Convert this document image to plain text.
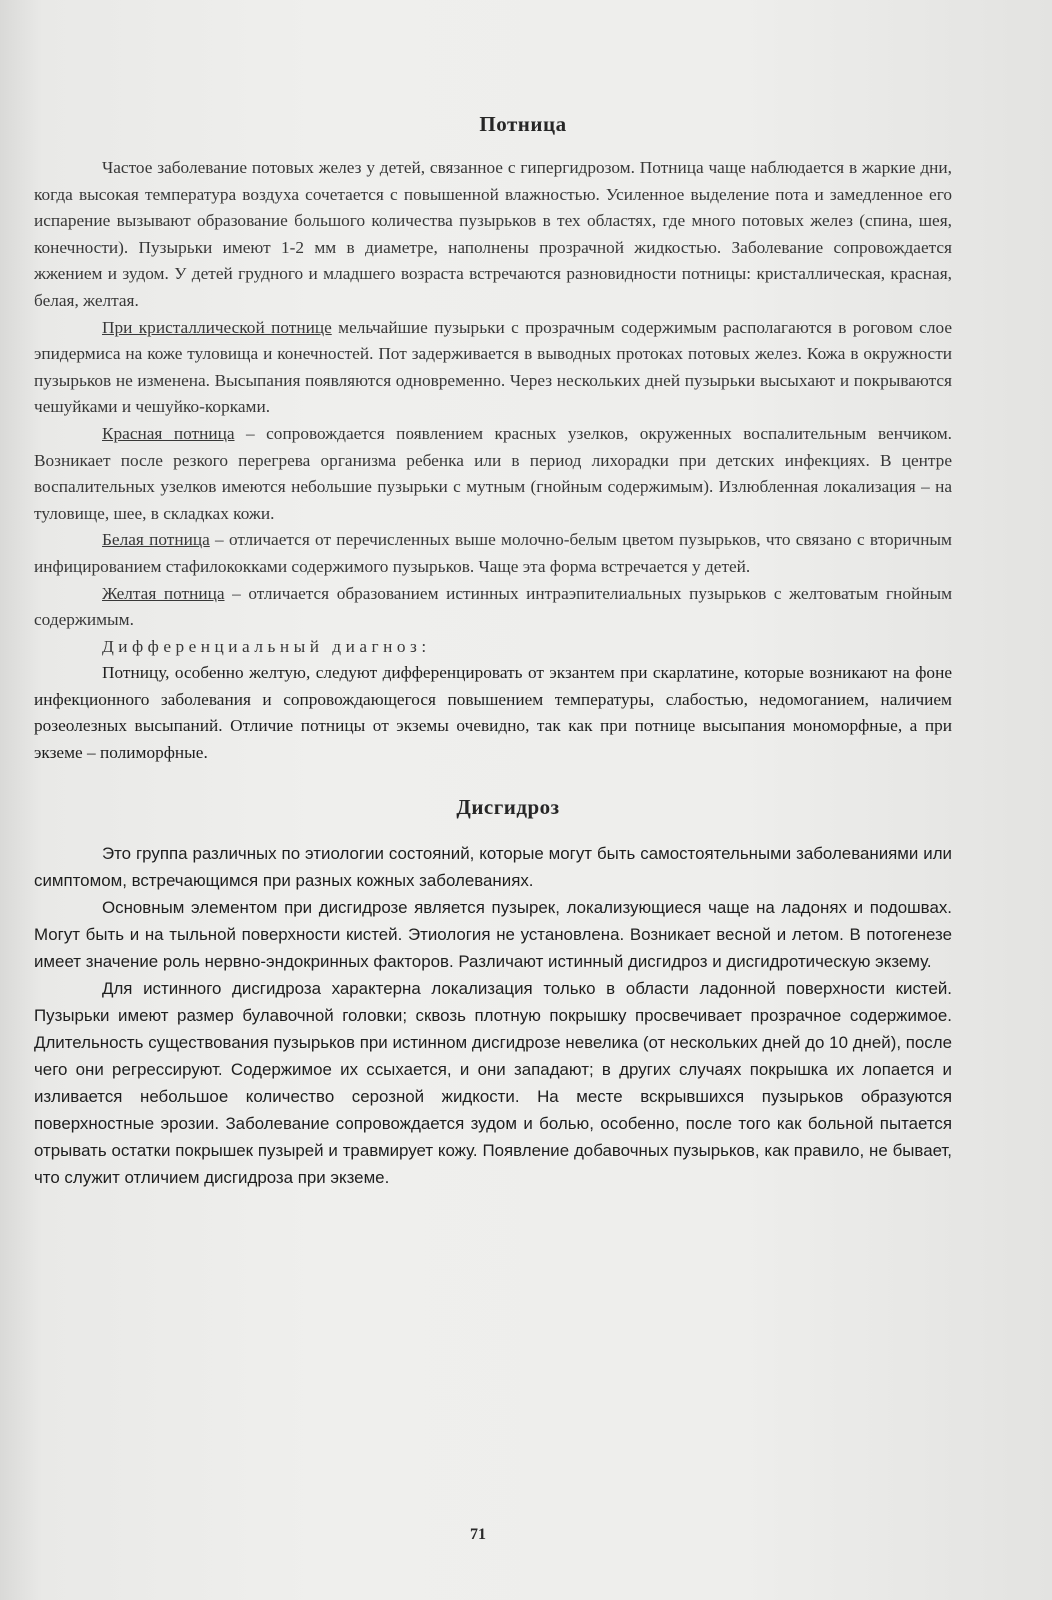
Потница

Частое заболевание потовых желез у детей, связанное с гипергидрозом. Потница чаще наблюдается в жаркие дни, когда высокая температура воздуха сочетается с повышенной влажностью. Усиленное выделение пота и замедленное его испарение вызывают образование большого количества пузырьков в тех областях, где много потовых желез (спина, шея, конечности). Пузырьки имеют 1-2 мм в диаметре, наполнены прозрачной жидкостью. Заболевание сопровождается жжением и зудом. У детей грудного и младшего возраста встречаются разновидности потницы: кристаллическая, красная, белая, желтая.

При кристаллической потнице мельчайшие пузырьки с прозрачным содержимым располагаются в роговом слое эпидермиса на коже туловища и конечностей. Пот задерживается в выводных протоках потовых желез. Кожа в окружности пузырьков не изменена. Высыпания появляются одновременно. Через нескольких дней пузырьки высыхают и покрываются чешуйками и чешуйко-корками.

Красная потница – сопровождается появлением красных узелков, окруженных воспалительным венчиком. Возникает после резкого перегрева организма ребенка или в период лихорадки при детских инфекциях. В центре воспалительных узелков имеются небольшие пузырьки с мутным (гнойным содержимым). Излюбленная локализация – на туловище, шее, в складках кожи.

Белая потница – отличается от перечисленных выше молочно-белым цветом пузырьков, что связано с вторичным инфицированием стафилококками содержимого пузырьков. Чаще эта форма встречается у детей.

Желтая потница – отличается образованием истинных интраэпителиальных пузырьков с желтоватым гнойным содержимым.

Дифференциальный диагноз:

Потницу, особенно желтую, следуют дифференцировать от экзантем при скарлатине, которые возникают на фоне инфекционного заболевания и сопровождающегося повышением температуры, слабостью, недомоганием, наличием розеолезных высыпаний. Отличие потницы от экземы очевидно, так как при потнице высыпания мономорфные, а при экземе – полиморфные.

Дисгидроз

Это группа различных по этиологии состояний, которые могут быть самостоятельными заболеваниями или симптомом, встречающимся при разных кожных заболеваниях.

Основным элементом при дисгидрозе является пузырек, локализующиеся чаще на ладонях и подошвах. Могут быть и на тыльной поверхности кистей. Этиология не установлена. Возникает весной и летом. В потогенезе имеет значение роль нервно-эндокринных факторов. Различают истинный дисгидроз и дисгидротическую экзему.

Для истинного дисгидроза характерна локализация только в области ладонной поверхности кистей. Пузырьки имеют размер булавочной головки; сквозь плотную покрышку просвечивает прозрачное содержимое. Длительность существования пузырьков при истинном дисгидрозе невелика (от нескольких дней до 10 дней), после чего они регрессируют. Содержимое их ссыхается, и они западают; в других случаях покрышка их лопается и изливается небольшое количество серозной жидкости. На месте вскрывшихся пузырьков образуются поверхностные эрозии. Заболевание сопровождается зудом и болью, особенно, после того как больной пытается отрывать остатки покрышек пузырей и травмирует кожу. Появление добавочных пузырьков, как правило, не бывает, что служит отличием дисгидроза при экземе.

71
